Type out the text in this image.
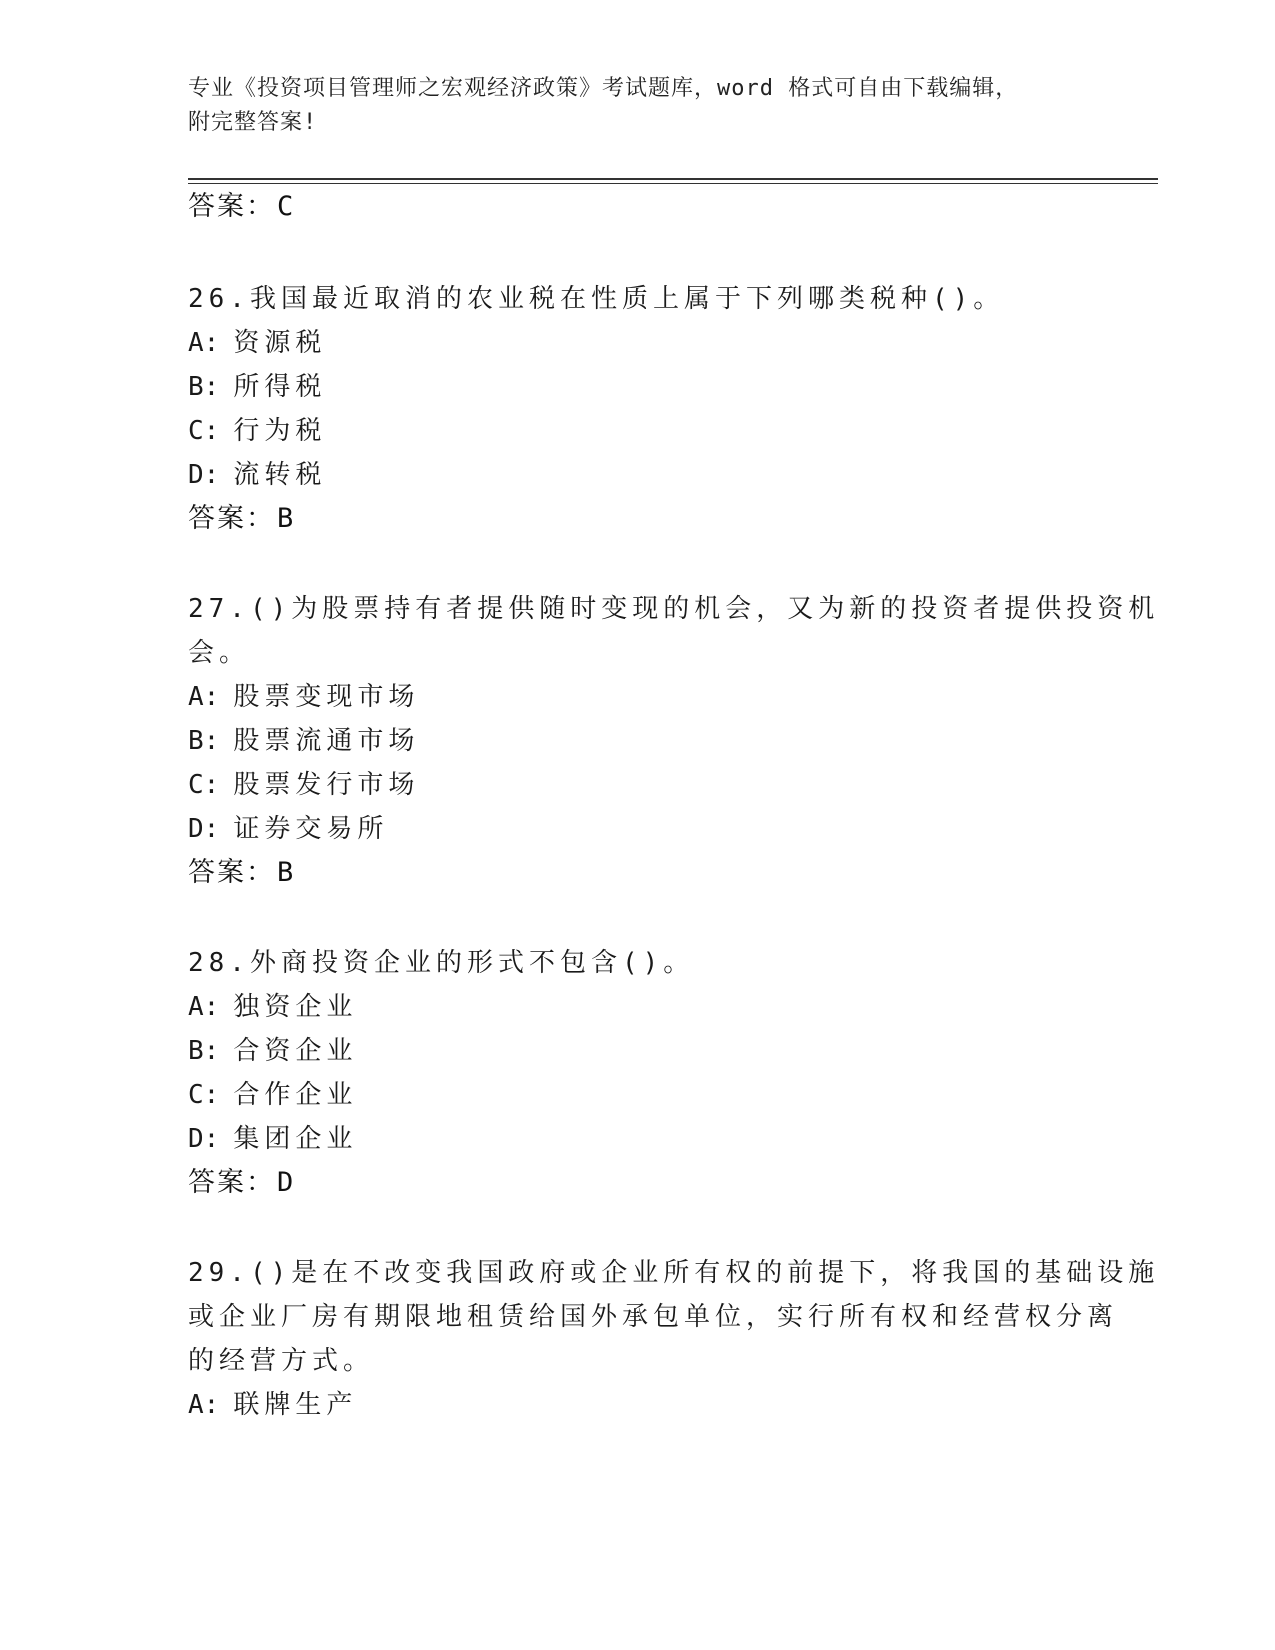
专业《投资项目管理师之宏观经济政策》考试题库，word 格式可自由下载编辑，
附完整答案!
答案：C
26.我国最近取消的农业税在性质上属于下列哪类税种()。
A: 资源税
B: 所得税
C: 行为税
D: 流转税
答案：B
27.()为股票持有者提供随时变现的机会，又为新的投资者提供投资机
会。
A: 股票变现市场
B: 股票流通市场
C: 股票发行市场
D: 证券交易所
答案：B
28.外商投资企业的形式不包含()。
A: 独资企业
B: 合资企业
C: 合作企业
D: 集团企业
答案：D
29.()是在不改变我国政府或企业所有权的前提下，将我国的基础设施
或企业厂房有期限地租赁给国外承包单位，实行所有权和经营权分离
的经营方式。
A: 联牌生产
